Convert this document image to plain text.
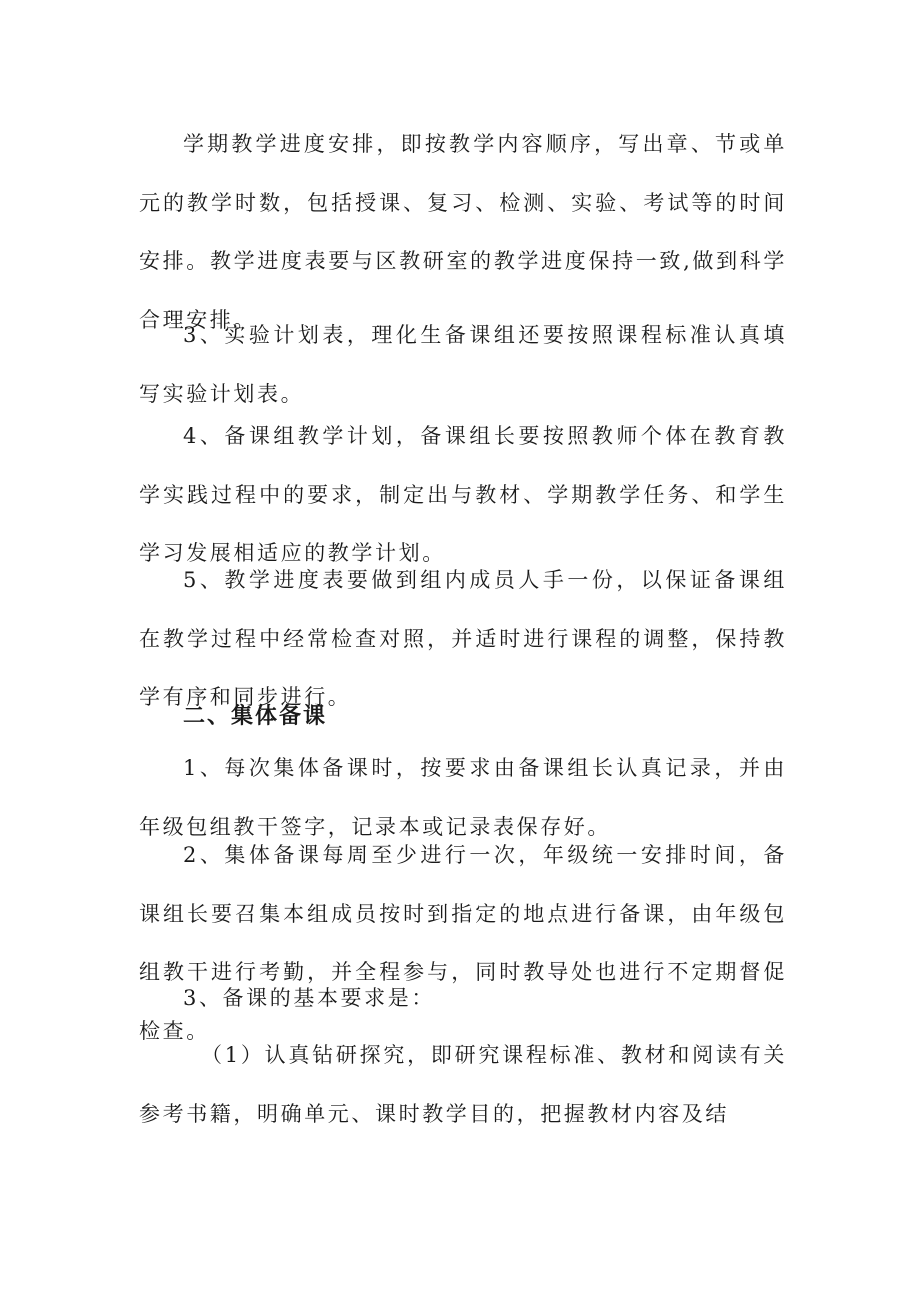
学期教学进度安排，即按教学内容顺序，写出章、节或单元的教学时数，包括授课、复习、检测、实验、考试等的时间安排。教学进度表要与区教研室的教学进度保持一致,做到科学合理安排。

3、实验计划表，理化生备课组还要按照课程标准认真填写实验计划表。

4、备课组教学计划，备课组长要按照教师个体在教育教学实践过程中的要求，制定出与教材、学期教学任务、和学生学习发展相适应的教学计划。

5、教学进度表要做到组内成员人手一份，以保证备课组在教学过程中经常检查对照，并适时进行课程的调整，保持教学有序和同步进行。

二、集体备课

1、每次集体备课时，按要求由备课组长认真记录，并由年级包组教干签字，记录本或记录表保存好。

2、集体备课每周至少进行一次，年级统一安排时间，备课组长要召集本组成员按时到指定的地点进行备课，由年级包组教干进行考勤，并全程参与，同时教导处也进行不定期督促检查。

3、备课的基本要求是：

（1）认真钻研探究，即研究课程标准、教材和阅读有关参考书籍，明确单元、课时教学目的，把握教材内容及结
